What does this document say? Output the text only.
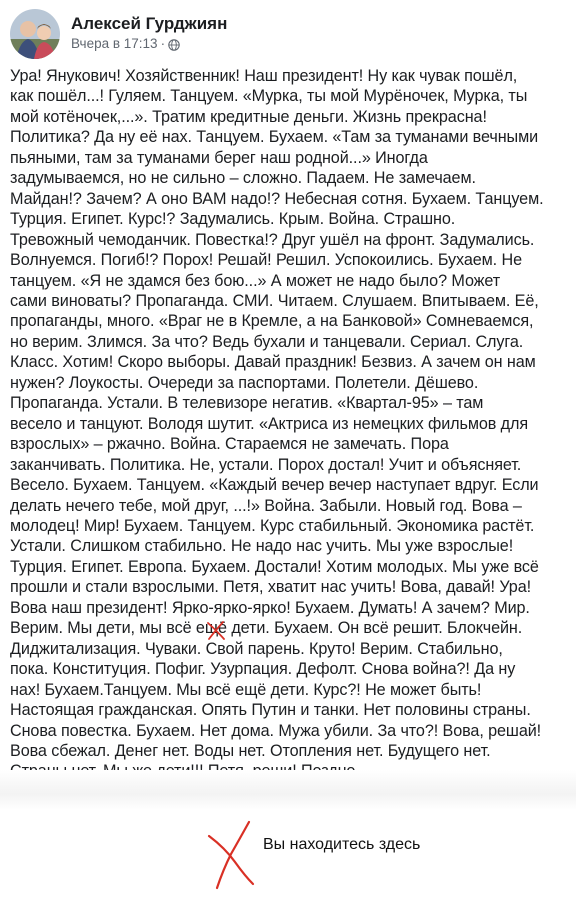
Алексей Гурджиян
Вчера в 17:13 ·
Ура! Янукович! Хозяйственник! Наш президент! Ну как чувак пошёл,
как пошёл...! Гуляем. Танцуем. «Мурка, ты мой Мурёночек, Мурка, ты
мой котёночек,...». Тратим кредитные деньги. Жизнь прекрасна!
Политика? Да ну её нах. Танцуем. Бухаем. «Там за туманами вечными
пьяными, там за туманами берег наш родной...» Иногда
задумываемся, но не сильно – сложно. Падаем. Не замечаем.
Майдан!? Зачем? А оно ВАМ надо!? Небесная сотня. Бухаем. Танцуем.
Турция. Египет. Курс!? Задумались. Крым. Война. Страшно.
Тревожный чемоданчик. Повестка!? Друг ушёл на фронт. Задумались.
Волнуемся. Погиб!? Порох! Решай! Решил. Успокоились. Бухаем. Не
танцуем. «Я не здамся без бою...» А может не надо было? Может
сами виноваты? Пропаганда. СМИ. Читаем. Слушаем. Впитываем. Её,
пропаганды, много. «Враг не в Кремле, а на Банковой» Сомневаемся,
но верим. Злимся. За что? Ведь бухали и танцевали. Сериал. Слуга.
Класс. Хотим! Скоро выборы. Давай праздник! Безвиз. А зачем он нам
нужен? Лоукосты. Очереди за паспортами. Полетели. Дёшево.
Пропаганда. Устали. В телевизоре негатив. «Квартал-95» – там
весело и танцуют. Володя шутит. «Актриса из немецких фильмов для
взрослых» – ржачно. Война. Стараемся не замечать. Пора
заканчивать. Политика. Не, устали. Порох достал! Учит и объясняет.
Весело. Бухаем. Танцуем. «Каждый вечер вечер наступает вдруг. Если
делать нечего тебе, мой друг, ...!» Война. Забыли. Новый год. Вова –
молодец! Мир! Бухаем. Танцуем. Курс стабильный. Экономика растёт.
Устали. Слишком стабильно. Не надо нас учить. Мы уже взрослые!
Турция. Египет. Европа. Бухаем. Достали! Хотим молодых. Мы уже всё
прошли и стали взрослыми. Петя, хватит нас учить! Вова, давай! Ура!
Вова наш президент! Ярко-ярко-ярко! Бухаем. Думать! А зачем? Мир.
Верим. Мы дети, мы всё ещё дети. Бухаем. Он всё решит. Блокчейн.
Диджитализация. Чуваки. Свой парень. Круто! Верим. Стабильно,
пока. Конституция. Пофиг. Узурпация. Дефолт. Снова война?! Да ну
нах! Бухаем.Танцуем. Мы всё ещё дети. Курс?! Не может быть!
Настоящая гражданская. Опять Путин и танки. Нет половины страны.
Снова повестка. Бухаем. Нет дома. Мужа убили. За что?! Вова, решай!
Вова сбежал. Денег нет. Воды нет. Отопления нет. Будущего нет.
Вы находитесь здесь
